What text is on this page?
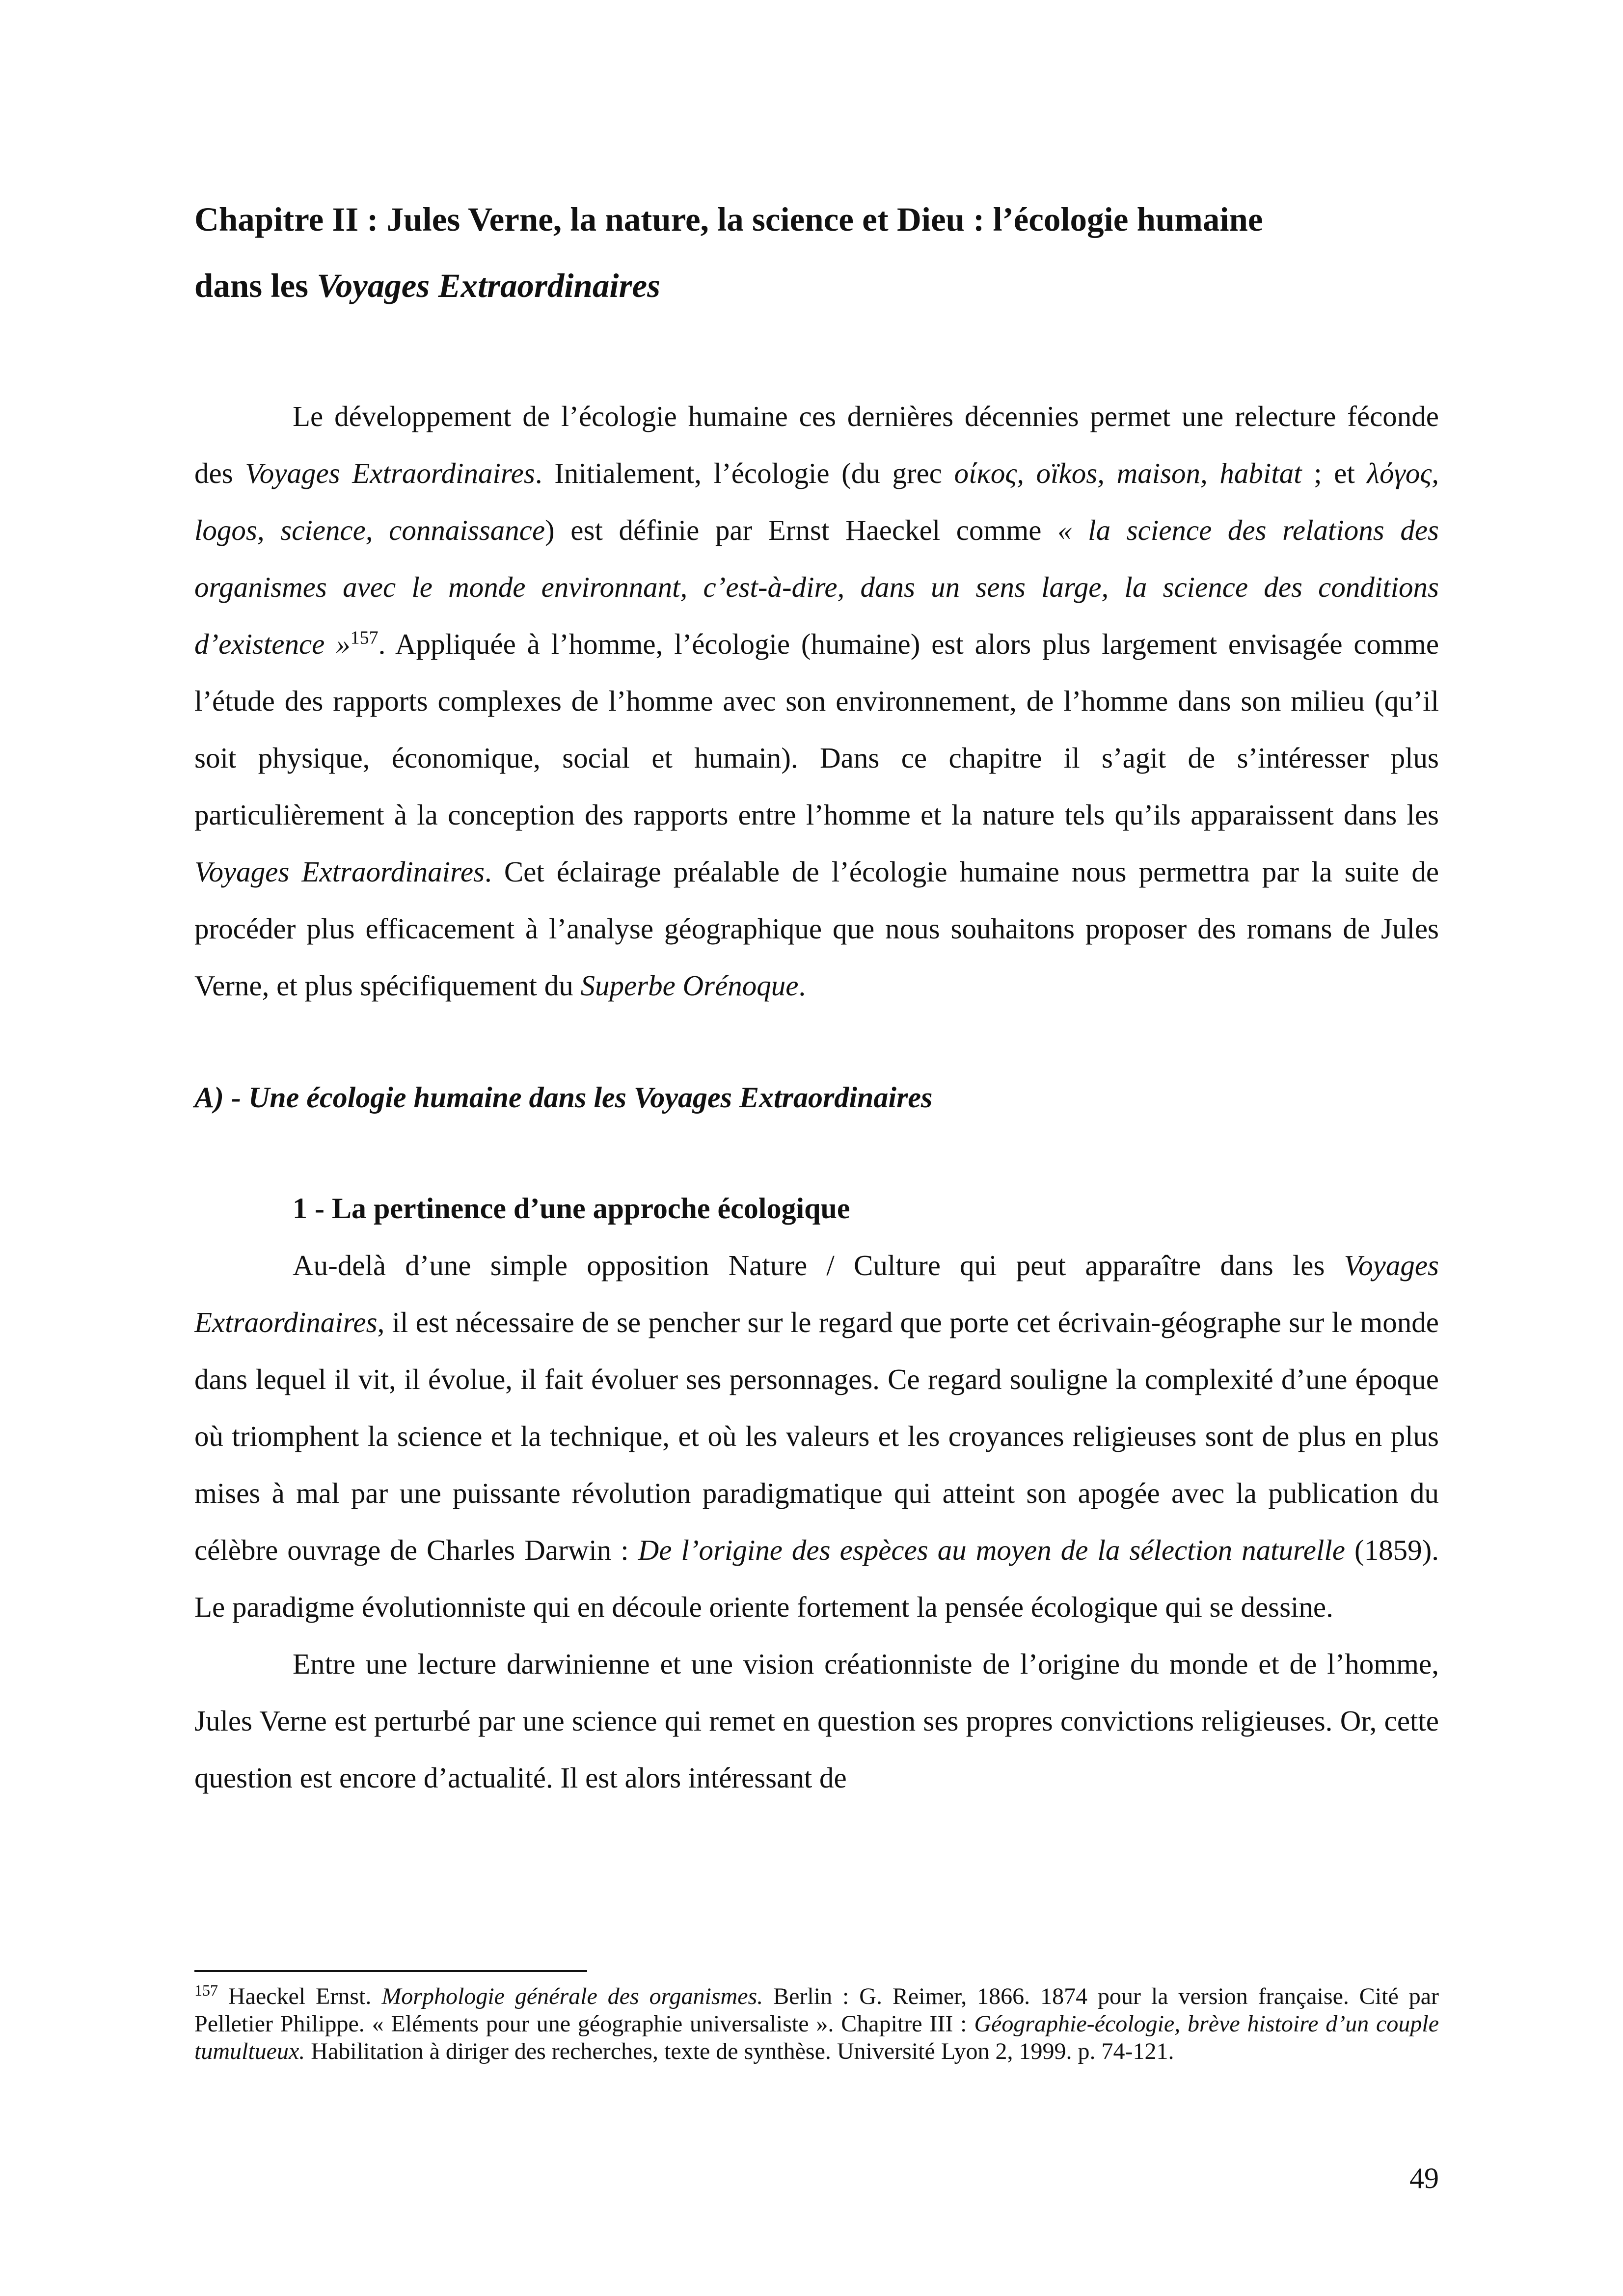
Chapitre II : Jules Verne, la nature, la science et Dieu : l’écologie humaine
dans les Voyages Extraordinaires

Le développement de l’écologie humaine ces dernières décennies permet une relecture féconde des Voyages Extraordinaires. Initialement, l’écologie (du grec οίκος, oïkos, maison, habitat ; et λόγος, logos, science, connaissance) est définie par Ernst Haeckel comme « la science des relations des organismes avec le monde environnant, c’est-à-dire, dans un sens large, la science des conditions d’existence »$^{157}$. Appliquée à l’homme, l’écologie (humaine) est alors plus largement envisagée comme l’étude des rapports complexes de l’homme avec son environnement, de l’homme dans son milieu (qu’il soit physique, économique, social et humain). Dans ce chapitre il s’agit de s’intéresser plus particulièrement à la conception des rapports entre l’homme et la nature tels qu’ils apparaissent dans les Voyages Extraordinaires. Cet éclairage préalable de l’écologie humaine nous permettra par la suite de procéder plus efficacement à l’analyse géographique que nous souhaitons proposer des romans de Jules Verne, et plus spécifiquement du Superbe Orénoque.

A) - Une écologie humaine dans les Voyages Extraordinaires
1 - La pertinence d’une approche écologique

Au-delà d’une simple opposition Nature / Culture qui peut apparaître dans les Voyages Extraordinaires, il est nécessaire de se pencher sur le regard que porte cet écrivain-géographe sur le monde dans lequel il vit, il évolue, il fait évoluer ses personnages. Ce regard souligne la complexité d’une époque où triomphent la science et la technique, et où les valeurs et les croyances religieuses sont de plus en plus mises à mal par une puissante révolution paradigmatique qui atteint son apogée avec la publication du célèbre ouvrage de Charles Darwin : De l’origine des espèces au moyen de la sélection naturelle (1859). Le paradigme évolutionniste qui en découle oriente fortement la pensée écologique qui se dessine.

Entre une lecture darwinienne et une vision créationniste de l’origine du monde et de l’homme, Jules Verne est perturbé par une science qui remet en question ses propres convictions religieuses. Or, cette question est encore d’actualité. Il est alors intéressant de

$^{157}$ Haeckel Ernst. Morphologie générale des organismes. Berlin : G. Reimer, 1866. 1874 pour la version française. Cité par Pelletier Philippe. « Eléments pour une géographie universaliste ». Chapitre III : Géographie-écologie, brève histoire d’un couple tumultueux. Habilitation à diriger des recherches, texte de synthèse. Université Lyon 2, 1999. p. 74-121.

49
